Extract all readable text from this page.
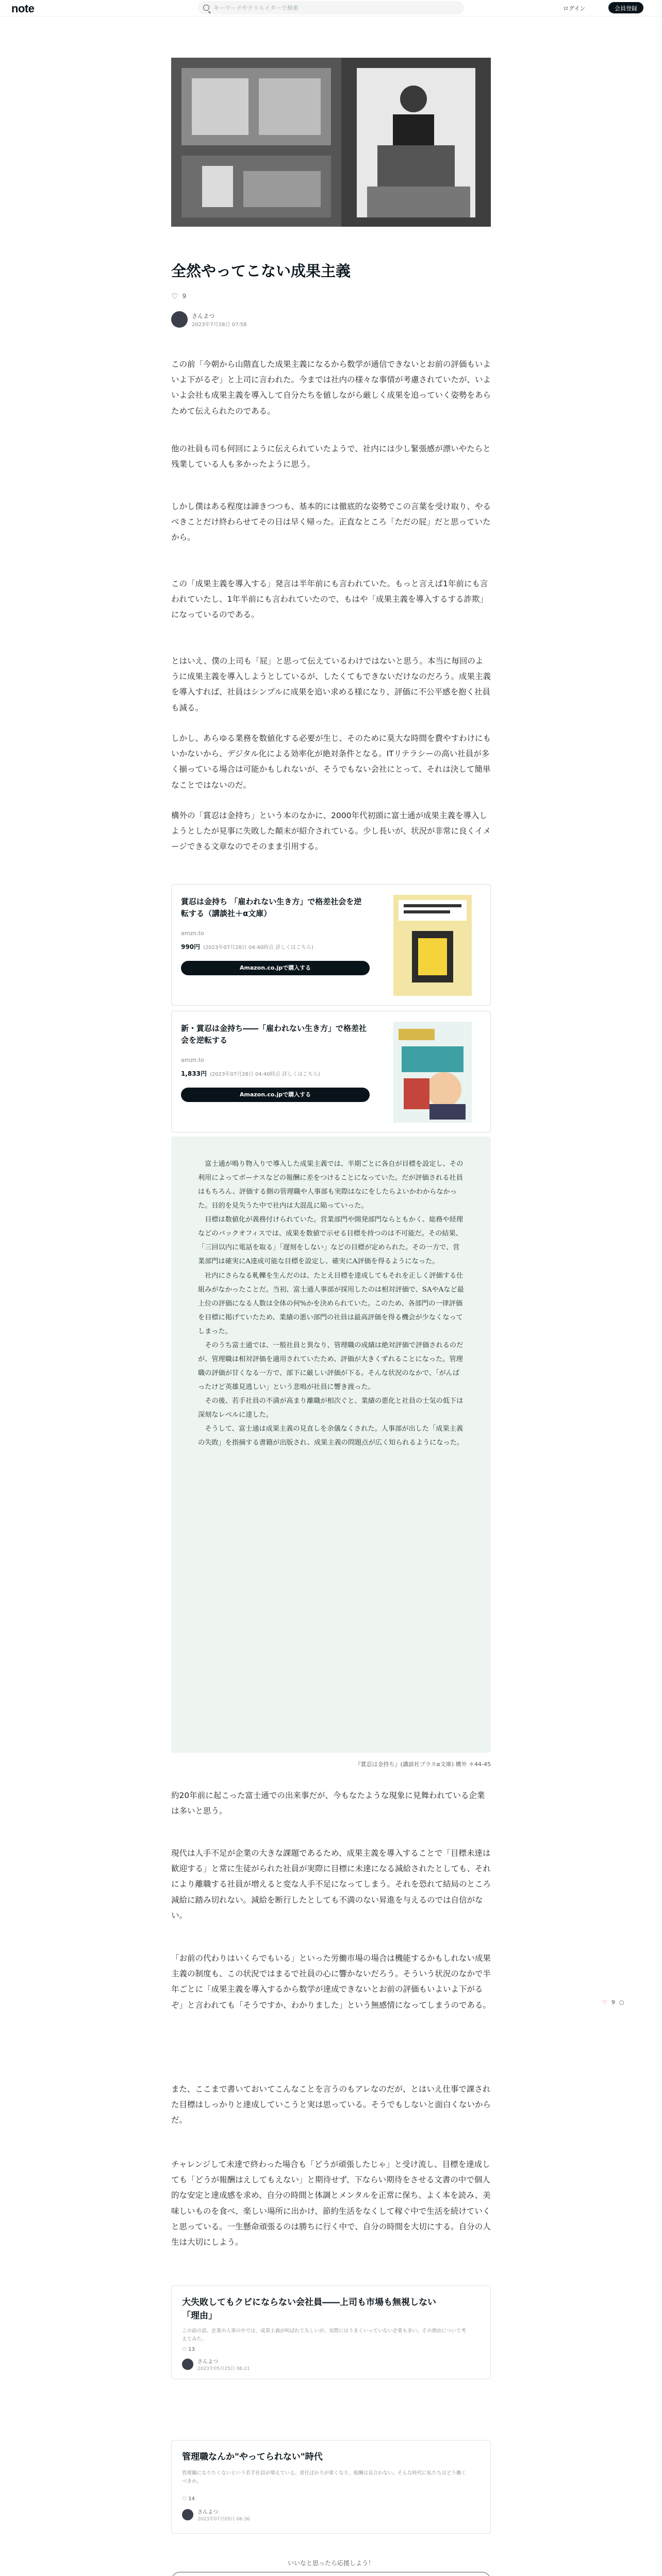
note	キーワードやクリエイターで検索	ログイン	会員登録
全然やってこない成果主義
♡ 9
さんよつ
2023年7月28日 07:58
この前「今朝から山階直した成果主義になるから数学が通信できないとお前の評価もいよいよ下がるぞ」と上司に言われた。今までは社内の様々な事情が考慮されていたが、いよいよ会社も成果主義を導入して自分たちを値しながら厳しく成果を追っていく姿勢をあらためて伝えられたのである。
他の社員も司も何回にように伝えられていたようで、社内には少し緊張感が漂いやたらと残業している人も多かったように思う。
しかし僕はある程度は諦きつつも、基本的には徹底的な姿勢でこの言葉を受け取り、やるべきことだけ終わらせてその日は早く帰った。正直なところ「ただの屁」だと思っていたから。
この「成果主義を導入する」発言は半年前にも言われていた。もっと言えば1年前にも言われていたし、1年半前にも言われていたので、もはや「成果主義を導入するする詐欺」になっているのである。
とはいえ、僕の上司も「屁」と思って伝えているわけではないと思う。本当に毎回のように成果主義を導入しようとしているが、したくてもできないだけなのだろう。成果主義を導入すれば、社員はシンプルに成果を追い求める様になり、評価に不公平感を抱く社員も減る。
しかし、あらゆる業務を数値化する必要が生じ、そのために莫大な時間を費やすわけにもいかないから、デジタル化による効率化が絶対条件となる。ITリテラシーの高い社員が多く揃っている場合は可能かもしれないが、そうでもない会社にとって、それは決して簡単なことではないのだ。
構外の「賞忍は金持ち」という本のなかに、2000年代初頭に富士通が成果主義を導入しようとしたが見事に失敗した顛末が紹介されている。少し長いが、状況が非常に良くイメージできる文章なのでそのまま引用する。
賞忍は金持ち 「雇われない生き方」で格差社会を逆転する（講談社＋α文庫）
amzn.to
990円 (2023年07月28日 04:40時点 詳しくはこちら)
Amazon.co.jpで購入する
新・賞忍は金持ち――「雇われない生き方」で格差社会を逆転する
amzn.to
1,833円 (2023年07月28日 04:40時点 詳しくはこちら)
Amazon.co.jpで購入する
富士通が鳴り物入りで導入した成果主義では、半期ごとに各自が目標を設定し、その利用によってボーナスなどの報酬に差をつけることになっていた。だが評価される社員はもちろん、評価する側の管理職や人事部も実際はなにをしたらよいかわからなかった。目的を見失うた中で社内は大混乱に陥っていった。
目標は数値化が義務付けられていた。営業部門や開発部門ならともかく、総務や経理などのバックオフィスでは、成果を数値で示せる目標を持つのは不可能だ。その結果、「三回以内に電話を取る」「遅刻をしない」などの目標が定められた。その一方で、営業部門は確実にA達成可能な目標を設定し、確実にA評価を得るようになった。
社内にさらなる軋轢を生んだのは、たとえ目標を達成してもそれを正しく評価する仕組みがなかったことだ。当初、富士通人事部が採用したのは相対評価で、SAやAなど最上位の評価になる人数は全体の何%かを決められていた。このため、各部門の一律評価を目標に掲げていたため、業績の悪い部門の社員は最高評価を得る機会が少なくなってしまった。
そのうち富士通では、一般社員と異なり、管理職の成績は絶対評価で評価されるのだが、管理職は相対評価を適用されていたため、評価が大きくずれることになった。管理職の評価が甘くなる一方で、部下に厳しい評価が下る。そんな状況のなかで、「がんばったけど英雄見逃しい」という悲鳴が社員に響き渡った。
その後、若手社員の不満が高まり離職が相次ぐと、業績の悪化と社員の士気の低下は深刻なレベルに達した。
そうして、富士通は成果主義の見直しを余儀なくされた。人事部が出した「成果主義の失敗」を指摘する書籍が出版され、成果主義の問題点が広く知られるようになった。
『賞忍は金持ち』(講談社プラスα文庫) 構外 ＊44-45
約20年前に起こった富士通での出来事だが、今もなたような現象に見舞われている企業は多いと思う。
現代は人手不足が企業の大きな課題であるため、成果主義を導入することで「目標未達は歓迎する」と常に生徒がられた社員が実際に目標に未達になる減給されたとしても、それにより離職する社員が増えると変な人手不足になってしまう。それを恐れて結局のところ減給に踏み切れない。減給を断行したとしても不満のない昇進を与えるのでは自信がない。
「お前の代わりはいくらでもいる」といった労働市場の場合は機能するかもしれない成果主義の制度も、この状況ではまるで社員の心に響かないだろう。そういう状況のなかで半年ごとに「成果主義を導入するから数学が達成できないとお前の評価もいよいよ下がるぞ」と言われても「そうですか、わかりました」という無感情になってしまうのである。
また、ここまで書いておいてこんなことを言うのもアレなのだが、とはいえ仕事で課された目標はしっかりと達成していこうと実は思っている。そうでもしないと面白くないからだ。
チャレンジして未達で終わった場合も「どうが頑張したじゃ」と受け流し、目標を達成しても「どうが報酬はえしてもえない」と期待せず、下ならい期待をさせる文書の中で個人的な安定と達成感を求め、自分の時間と体調とメンタルを正常に保ち、よく本を読み、美味しいものを食べ、楽しい場所に出かけ、節約生活をなくして稼ぐ中で生活を続けていくと思っている。一生懸命頑張るのは勝ちに行く中で、自分の時間を大切にする。自分の人生は大切にしよう。
♡ 9 ○
大失敗してもクビにならない会社員――上司も市場も無視しない「理由」
この前の話。企業の人事の中では、成果主義が叫ばれて久しいが、実際にはうまくいっていない企業も多い。その理由について考えてみた。
♡ 13
さんよつ
2023年05月25日 06:21
管理職なんか"やってられない"時代
管理職になりたくないという若手社員が増えている。責任ばかりが重くなり、報酬は見合わない。そんな時代に私たちはどう働くべきか。
♡ 14
さんよつ
2023年07月05日 06:36
いいなと思ったら応援しよう！
